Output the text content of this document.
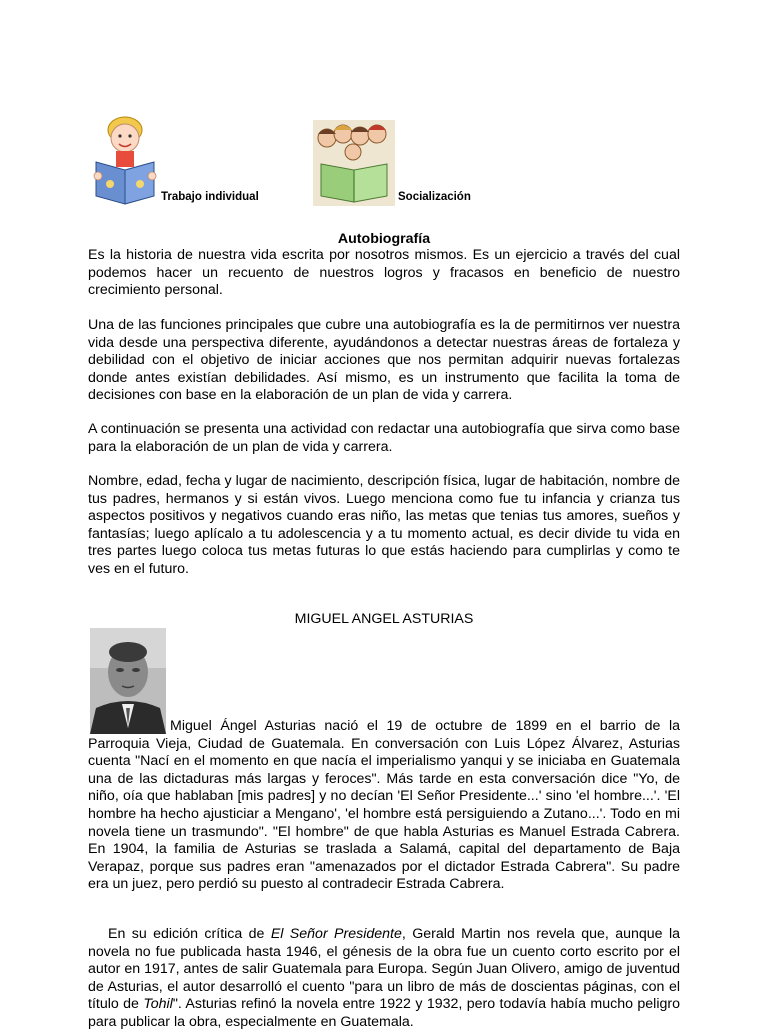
Trabajo individual	Socialización
Autobiografía

Es la historia de nuestra vida escrita por nosotros mismos. Es un ejercicio a través del cual podemos hacer un recuento de nuestros logros y fracasos en beneficio de nuestro crecimiento personal.

Una de las funciones principales que cubre una autobiografía es la de permitirnos ver nuestra vida desde una perspectiva diferente, ayudándonos a detectar nuestras áreas de fortaleza y debilidad con el objetivo de iniciar acciones que nos permitan adquirir nuevas fortalezas donde antes existían debilidades. Así mismo, es un instrumento que facilita la toma de decisiones con base en la elaboración de un plan de vida y carrera.

A continuación se presenta una actividad con redactar una autobiografía que sirva como base para la elaboración de un plan de vida y carrera.

Nombre, edad, fecha y lugar de nacimiento, descripción física, lugar de habitación, nombre de tus padres, hermanos y si están vivos. Luego menciona como fue tu infancia y crianza tus aspectos positivos y negativos cuando eras niño, las metas que tenias tus amores, sueños y fantasías; luego aplícalo a tu adolescencia y a tu momento actual, es decir divide tu vida en tres partes luego coloca tus metas futuras lo que estás haciendo para cumplirlas y como te ves en el futuro.

MIGUEL ANGEL ASTURIAS

Miguel Ángel Asturias nació el 19 de octubre de 1899 en el barrio de la Parroquia Vieja, Ciudad de Guatemala. En conversación con Luis López Álvarez, Asturias cuenta "Nací en el momento en que nacía el imperialismo yanqui y se iniciaba en Guatemala una de las dictaduras más largas y feroces". Más tarde en esta conversación dice "Yo, de niño, oía que hablaban [mis padres] y no decían 'El Señor Presidente...' sino 'el hombre...'. 'El hombre ha hecho ajusticiar a Mengano', 'el hombre está persiguiendo a Zutano...'. Todo en mi novela tiene un trasmundo". "El hombre" de que habla Asturias es Manuel Estrada Cabrera. En 1904, la familia de Asturias se traslada a Salamá, capital del departamento de Baja Verapaz, porque sus padres eran "amenazados por el dictador Estrada Cabrera". Su padre era un juez, pero perdió su puesto al contradecir Estrada Cabrera.

En su edición crítica de El Señor Presidente, Gerald Martin nos revela que, aunque la novela no fue publicada hasta 1946, el génesis de la obra fue un cuento corto escrito por el autor en 1917, antes de salir Guatemala para Europa. Según Juan Olivero, amigo de juventud de Asturias, el autor desarrolló el cuento "para un libro de más de doscientas páginas, con el título de Tohil". Asturias refinó la novela entre 1922 y 1932, pero todavía había mucho peligro para publicar la obra, especialmente en Guatemala.
